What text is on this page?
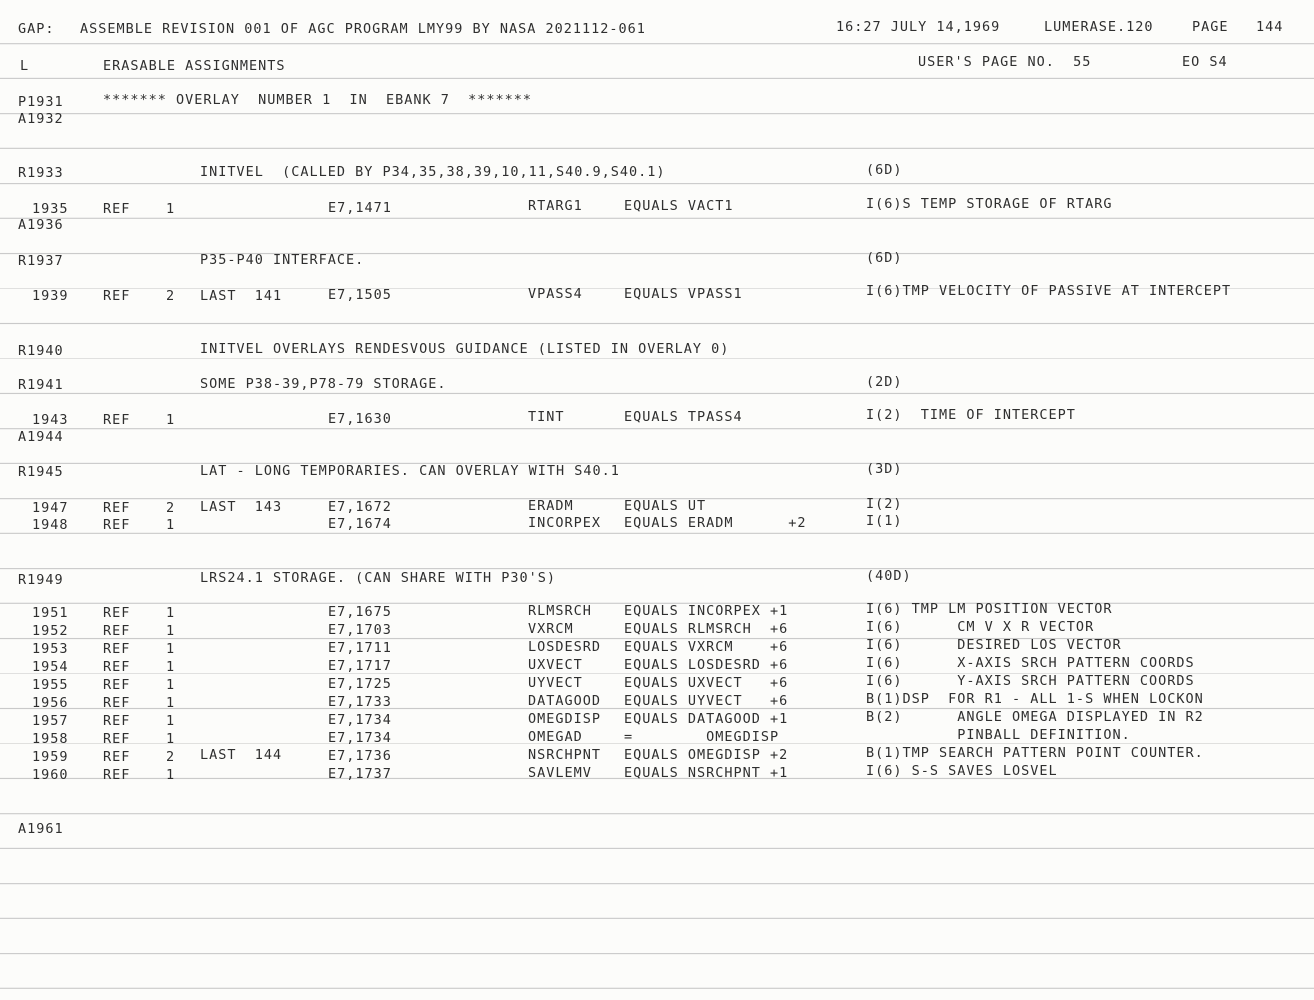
GAP: ASSEMBLE REVISION 001 OF AGC PROGRAM LMY99 BY NASA 2021112-061	16:27 JULY 14,1969	LUMERASE.120	PAGE 144
L	ERASABLE ASSIGNMENTS	USER'S PAGE NO.  55	EO S4
P1931	******* OVERLAY  NUMBER 1  IN  EBANK 7  *******
A1932
R1933	INITVEL  (CALLED BY P34,35,38,39,10,11,S40.9,S40.1)	(6D)
1935	REF	1	E7,1471	RTARG1	EQUALS VACT1	I(6)S TEMP STORAGE OF RTARG
A1936
R1937	P35-P40 INTERFACE.	(6D)
1939	REF	2 LAST  141	E7,1505	VPASS4	EQUALS VPASS1	I(6)TMP VELOCITY OF PASSIVE AT INTERCEPT
R1940	INITVEL OVERLAYS RENDESVOUS GUIDANCE (LISTED IN OVERLAY 0)
R1941	SOME P38-39,P78-79 STORAGE.	(2D)
1943	REF	1	E7,1630	TINT	EQUALS TPASS4	I(2)  TIME OF INTERCEPT
A1944
R1945	LAT - LONG TEMPORARIES. CAN OVERLAY WITH S40.1	(3D)
1947	REF	2 LAST  143	E7,1672	ERADM	EQUALS UT	I(2)
1948	REF	1	E7,1674	INCORPEX EQUALS ERADM      +2	I(1)
R1949	LRS24.1 STORAGE. (CAN SHARE WITH P30'S)	(40D)
1951	REF	1	E7,1675	RLMSRCH EQUALS INCORPEX +1	I(6) TMP LM POSITION VECTOR
1952	REF	1	E7,1703	VXRCM	EQUALS RLMSRCH  +6	I(6)      CM V X R VECTOR
1953	REF	1	E7,1711	LOSDESRD EQUALS VXRCM    +6	I(6)      DESIRED LOS VECTOR
1954	REF	1	E7,1717	UXVECT	EQUALS LOSDESRD +6	I(6)      X-AXIS SRCH PATTERN COORDS
1955	REF	1	E7,1725	UYVECT	EQUALS UXVECT   +6	I(6)      Y-AXIS SRCH PATTERN COORDS
1956	REF	1	E7,1733	DATAGOOD EQUALS UYVECT   +6	B(1)DSP  FOR R1 - ALL 1-S WHEN LOCKON
1957	REF	1	E7,1734	OMEGDISP EQUALS DATAGOOD +1	B(2)      ANGLE OMEGA DISPLAYED IN R2
1958	REF	1	E7,1734	OMEGAD	=        OMEGDISP	PINBALL DEFINITION.
1959	REF	2 LAST  144	E7,1736	NSRCHPNT EQUALS OMEGDISP +2	B(1)TMP SEARCH PATTERN POINT COUNTER.
1960	REF	1	E7,1737	SAVLEMV EQUALS NSRCHPNT +1	I(6) S-S SAVES LOSVEL
A1961
